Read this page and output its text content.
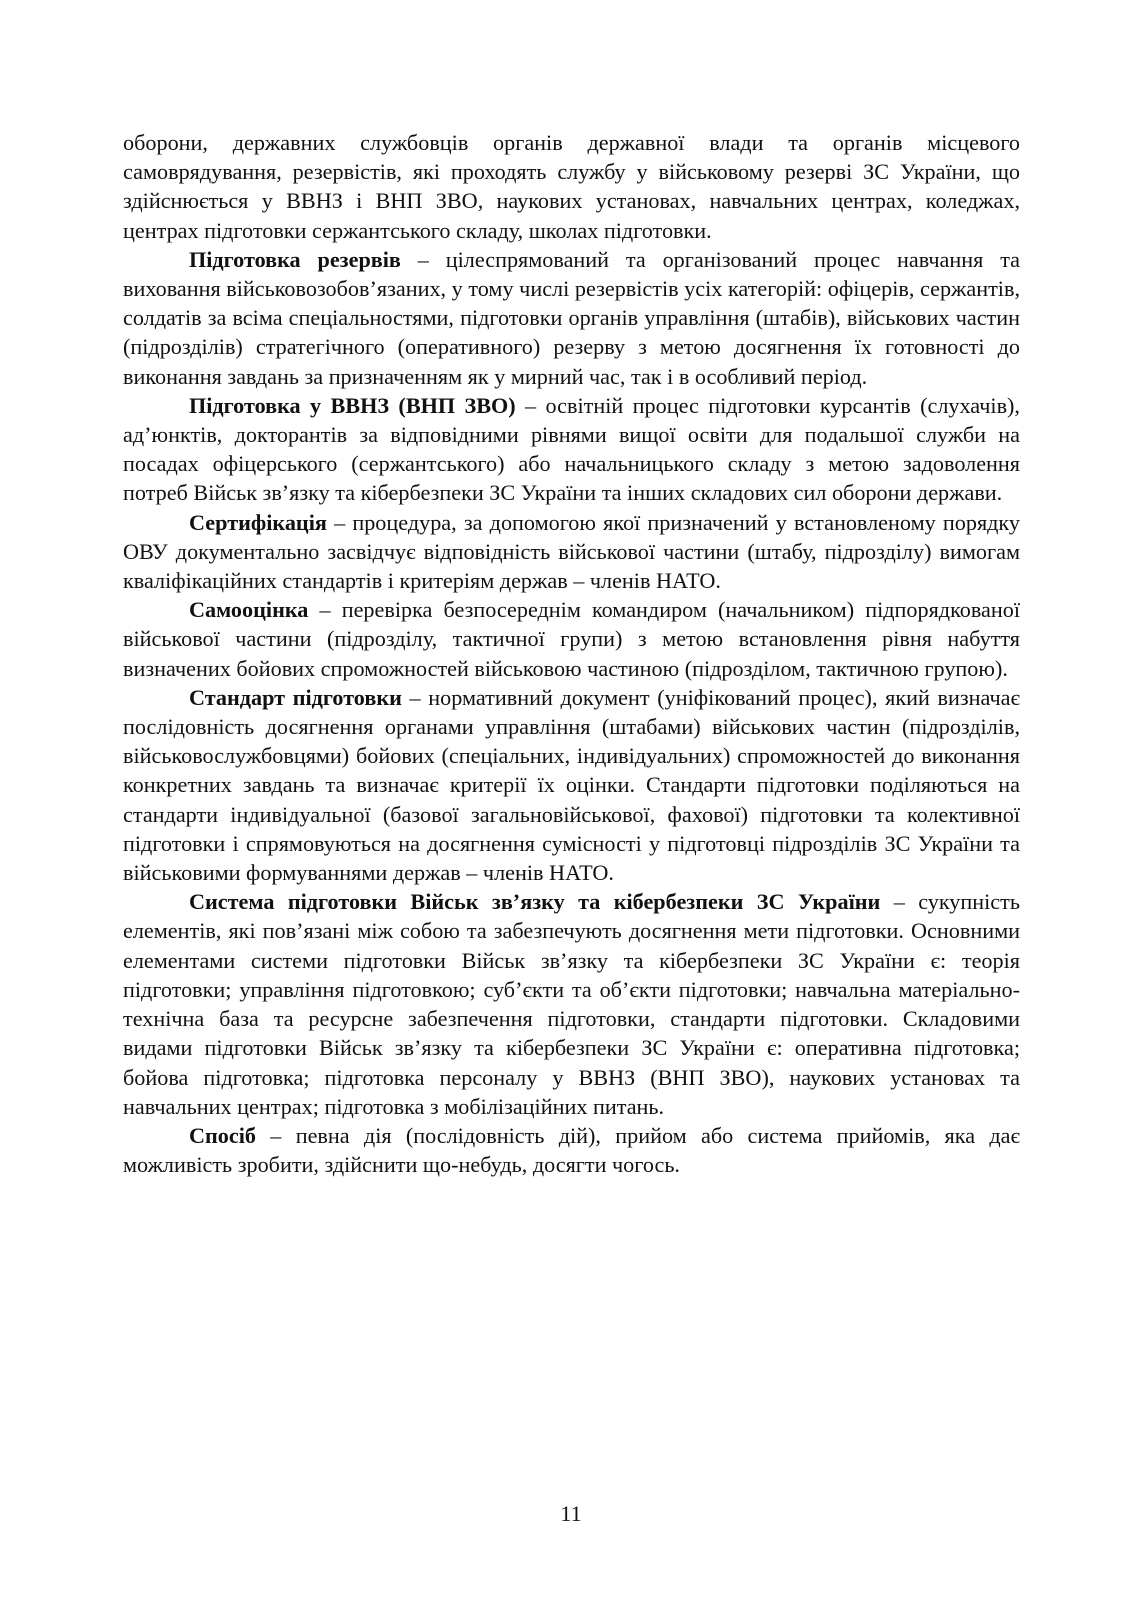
оборони, державних службовців органів державної влади та органів місцевого самоврядування, резервістів, які проходять службу у військовому резерві ЗС України, що здійснюється у ВВНЗ і ВНП ЗВО, наукових установах, навчальних центрах, коледжах, центрах підготовки сержантського складу, школах підготовки.

Підготовка резервів – цілеспрямований та організований процес навчання та виховання військовозобов’язаних, у тому числі резервістів усіх категорій: офіцерів, сержантів, солдатів за всіма спеціальностями, підготовки органів управління (штабів), військових частин (підрозділів) стратегічного (оперативного) резерву з метою досягнення їх готовності до виконання завдань за призначенням як у мирний час, так і в особливий період.

Підготовка у ВВНЗ (ВНП ЗВО) – освітній процес підготовки курсантів (слухачів), ад’юнктів, докторантів за відповідними рівнями вищої освіти для подальшої служби на посадах офіцерського (сержантського) або начальницького складу з метою задоволення потреб Військ зв’язку та кібербезпеки ЗС України та інших складових сил оборони держави.

Сертифікація – процедура, за допомогою якої призначений у встановленому порядку ОВУ документально засвідчує відповідність військової частини (штабу, підрозділу) вимогам кваліфікаційних стандартів і критеріям держав – членів НАТО.

Самооцінка – перевірка безпосереднім командиром (начальником) підпорядкованої військової частини (підрозділу, тактичної групи) з метою встановлення рівня набуття визначених бойових спроможностей військовою частиною (підрозділом, тактичною групою).

Стандарт підготовки – нормативний документ (уніфікований процес), який визначає послідовність досягнення органами управління (штабами) військових частин (підрозділів, військовослужбовцями) бойових (спеціальних, індивідуальних) спроможностей до виконання конкретних завдань та визначає критерії їх оцінки. Стандарти підготовки поділяються на стандарти індивідуальної (базової загальновійськової, фахової) підготовки та колективної підготовки і спрямовуються на досягнення сумісності у підготовці підрозділів ЗС України та військовими формуваннями держав – членів НАТО.

Система підготовки Військ зв’язку та кібербезпеки ЗС України – сукупність елементів, які пов’язані між собою та забезпечують досягнення мети підготовки. Основними елементами системи підготовки Військ зв’язку та кібербезпеки ЗС України є: теорія підготовки; управління підготовкою; суб’єкти та об’єкти підготовки; навчальна матеріально-технічна база та ресурсне забезпечення підготовки, стандарти підготовки. Складовими видами підготовки Військ зв’язку та кібербезпеки ЗС України є: оперативна підготовка; бойова підготовка; підготовка персоналу у ВВНЗ (ВНП ЗВО), наукових установах та навчальних центрах; підготовка з мобілізаційних питань.

Спосіб – певна дія (послідовність дій), прийом або система прийомів, яка дає можливість зробити, здійснити що-небудь, досягти чогось.

11
